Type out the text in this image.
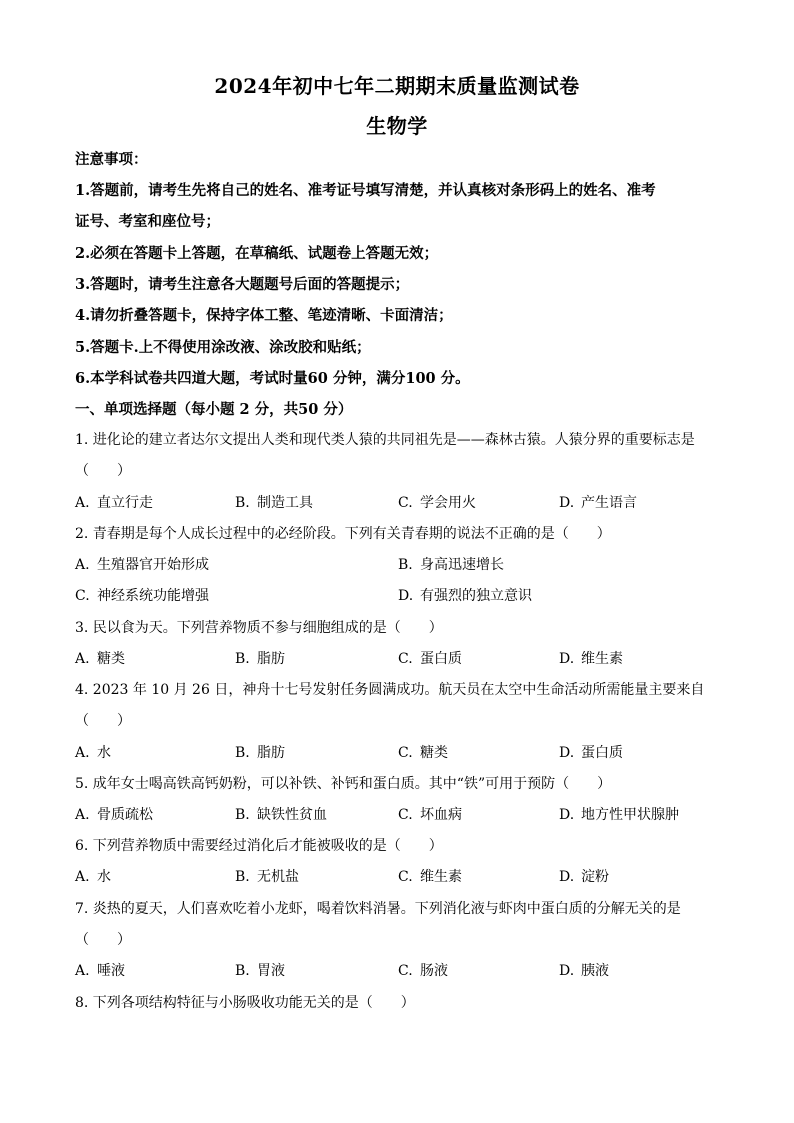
2024年初中七年二期期末质量监测试卷
生物学
注意事项：
1.答题前，请考生先将自己的姓名、准考证号填写清楚，并认真核对条形码上的姓名、准考
证号、考室和座位号；
2.必须在答题卡上答题，在草稿纸、试题卷上答题无效；
3.答题时，请考生注意各大题题号后面的答题提示；
4.请勿折叠答题卡，保持字体工整、笔迹清晰、卡面清洁；
5.答题卡.上不得使用涂改液、涂改胶和贴纸；
6.本学科试卷共四道大题，考试时量60 分钟，满分100 分。
一、单项选择题（每小题 2 分，共50 分）
1. 进化论的建立者达尔文提出人类和现代类人猿的共同祖先是——森林古猿。人猿分界的重要标志是
（　　）
A. 直立行走	B. 制造工具	C. 学会用火	D. 产生语言
2. 青春期是每个人成长过程中的必经阶段。下列有关青春期的说法不正确的是（　　）
A. 生殖器官开始形成	B. 身高迅速增长
C. 神经系统功能增强	D. 有强烈的独立意识
3. 民以食为天。下列营养物质不参与细胞组成的是（　　）
A. 糖类	B. 脂肪	C. 蛋白质	D. 维生素
4. 2023 年 10 月 26 日，神舟十七号发射任务圆满成功。航天员在太空中生命活动所需能量主要来自
（　　）
A. 水	B. 脂肪	C. 糖类	D. 蛋白质
5. 成年女士喝高铁高钙奶粉，可以补铁、补钙和蛋白质。其中“铁”可用于预防（　　）
A. 骨质疏松	B. 缺铁性贫血	C. 坏血病	D. 地方性甲状腺肿
6. 下列营养物质中需要经过消化后才能被吸收的是（　　）
A. 水	B. 无机盐	C. 维生素	D. 淀粉
7. 炎热的夏天，人们喜欢吃着小龙虾，喝着饮料消暑。下列消化液与虾肉中蛋白质的分解无关的是
（　　）
A. 唾液	B. 胃液	C. 肠液	D. 胰液
8. 下列各项结构特征与小肠吸收功能无关的是（　　）
